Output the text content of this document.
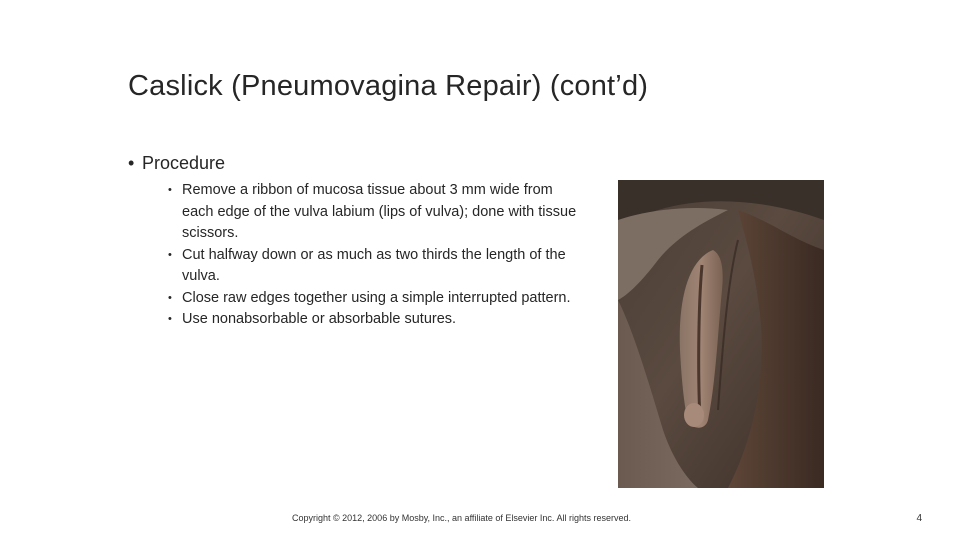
Caslick (Pneumovagina Repair) (cont’d)
• Procedure
• Remove a ribbon of mucosa tissue about 3 mm wide from each edge of the vulva labium (lips of vulva); done with tissue scissors.
• Cut halfway down or as much as two thirds the length of the vulva.
• Close raw edges together using a simple interrupted pattern.
• Use nonabsorbable or absorbable sutures.
Copyright © 2012, 2006 by Mosby, Inc., an affiliate of Elsevier Inc. All rights reserved.	4
